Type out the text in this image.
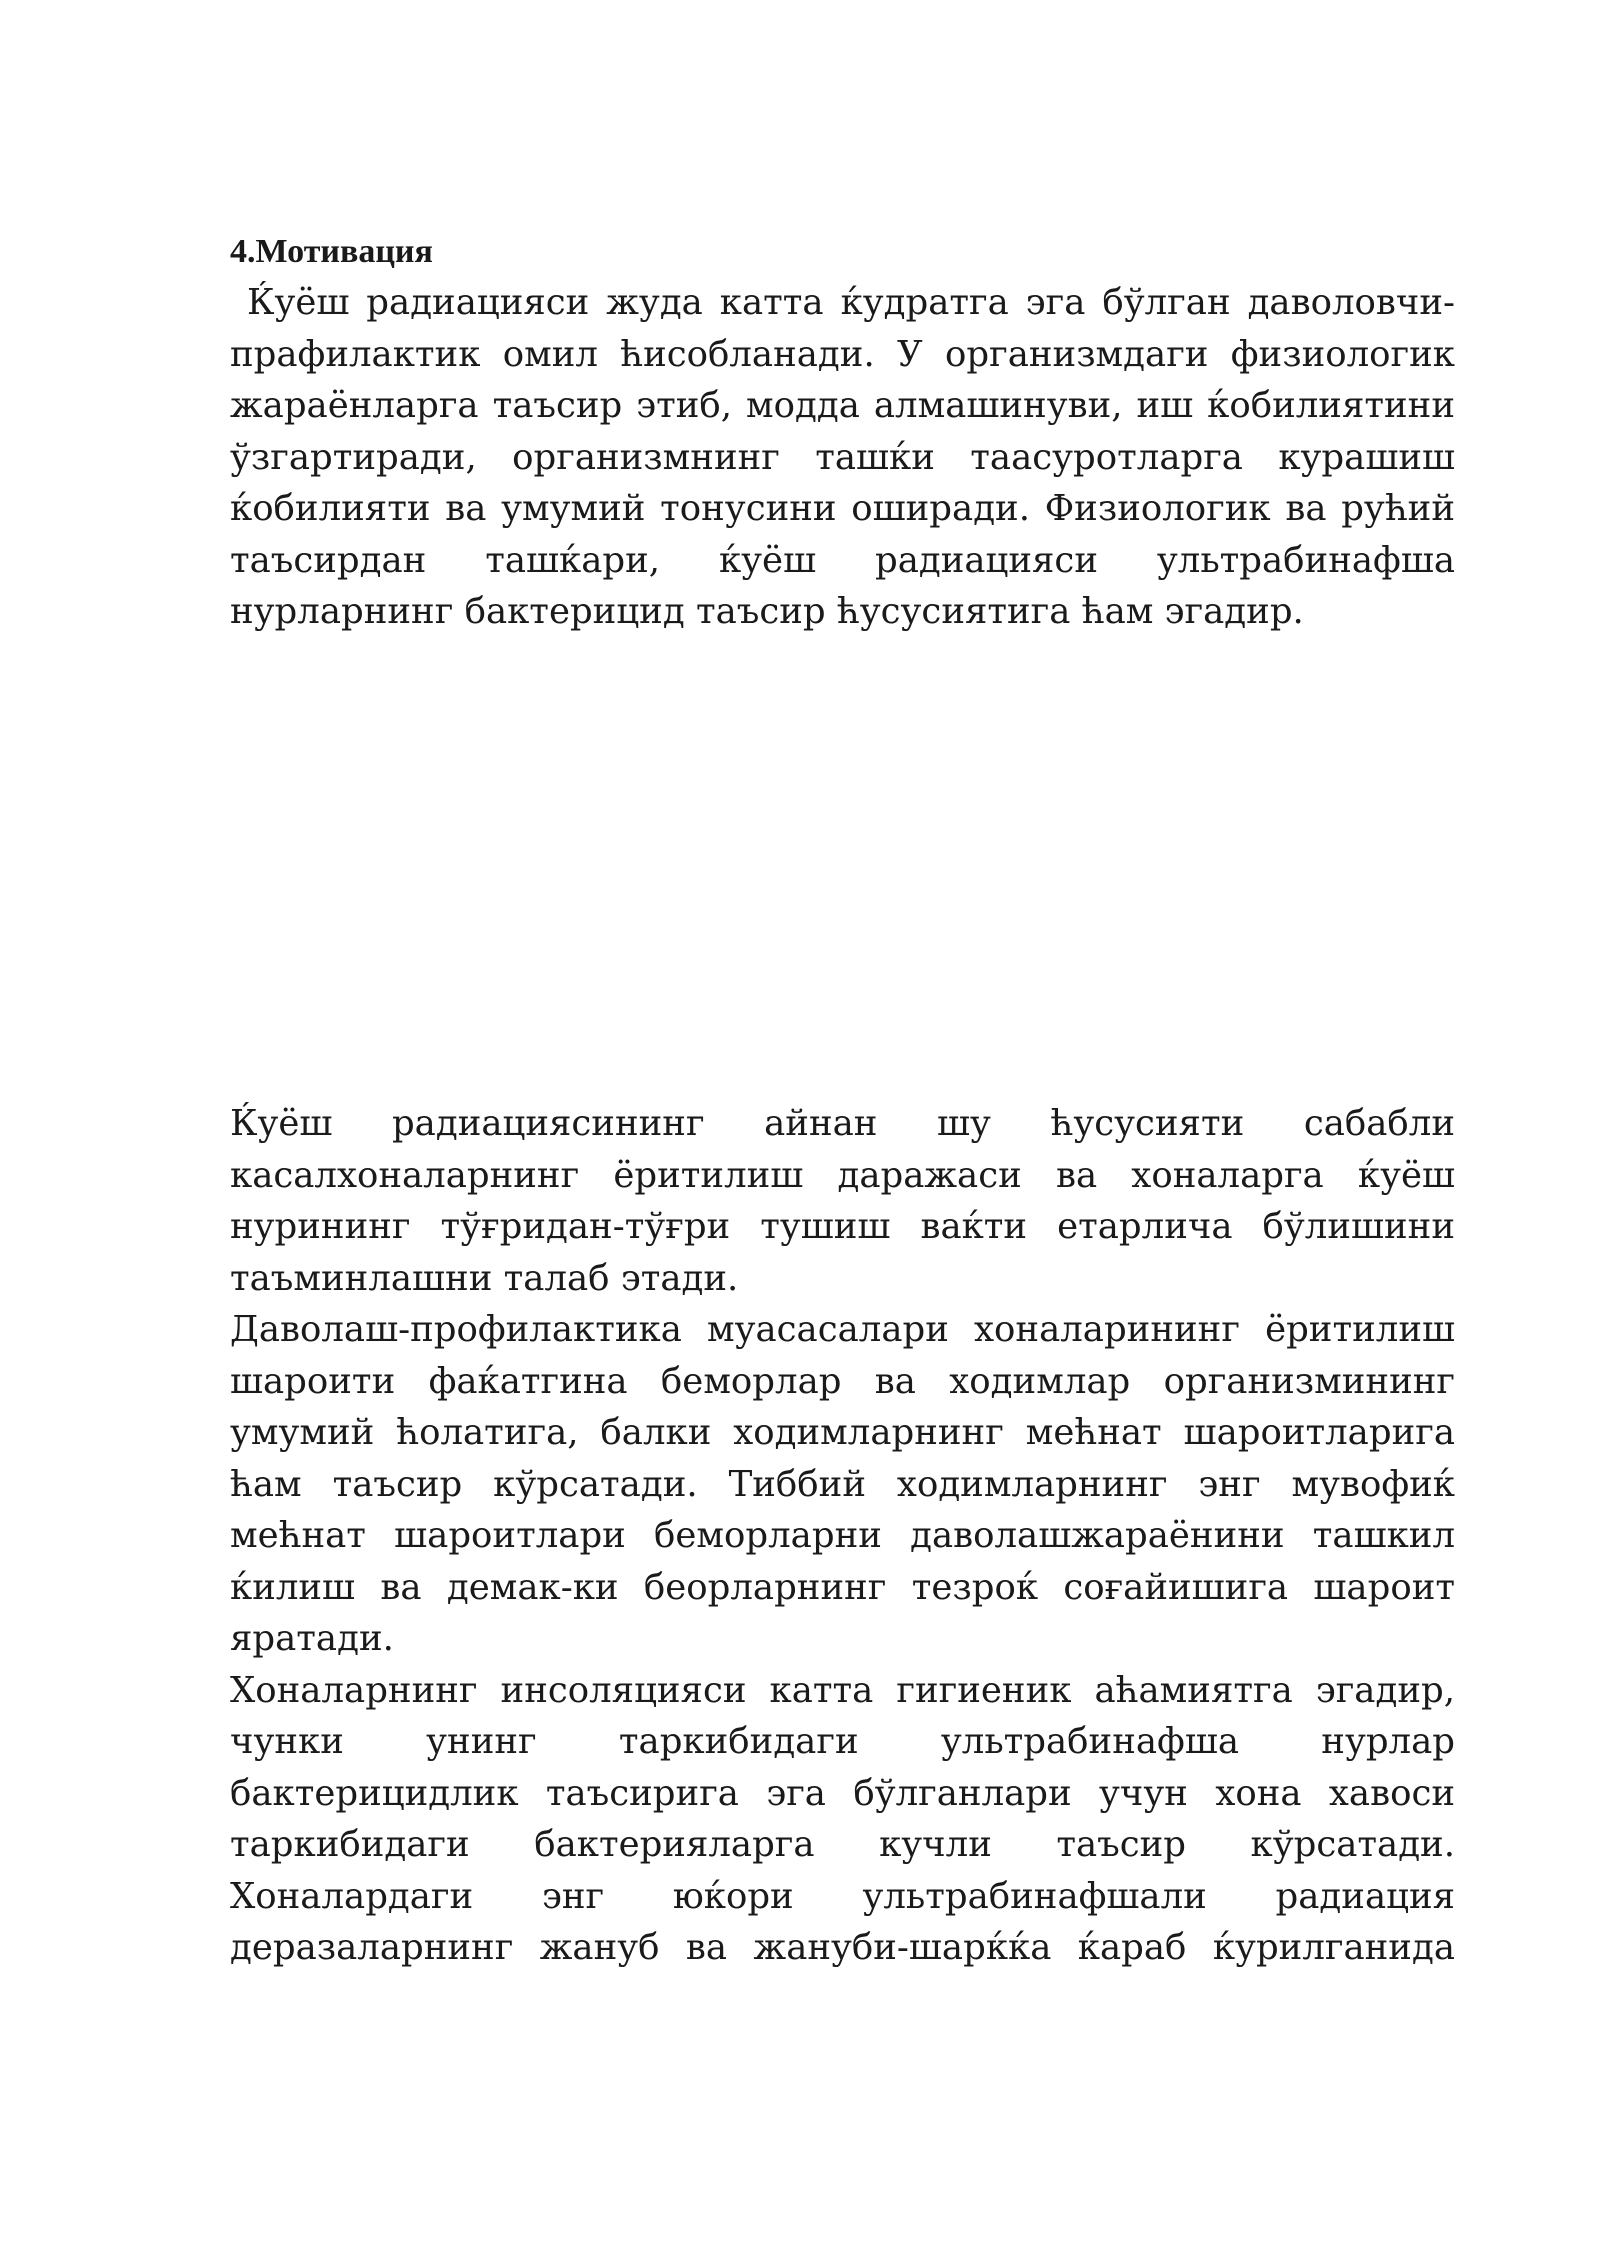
4.Мотивация

Ќуёш радиацияси жуда катта ќудратга эга бўлган даволовчи-прафилактик омил ћисобланади. У организмдаги физиологик жараёнларга таъсир этиб, модда алмашинуви, иш ќобилиятини ўзгартиради, организмнинг ташќи таасуротларга курашиш ќобилияти ва умумий тонусини оширади. Физиологик ва рућий таъсирдан ташќари, ќуёш радиацияси ультрабинафша нурларнинг бактерицид таъсир ћусусиятига ћам эгадир.

Ќуёш радиациясининг айнан шу ћусусияти сабабли касалхоналарнинг ёритилиш даражаси ва хоналарга ќуёш нурининг тўғридан-тўғри тушиш ваќти етарлича бўлишини таъминлашни талаб этади.

Даволаш-профилактика муасасалари хоналарининг ёритилиш шароити фаќатгина беморлар ва ходимлар организмининг умумий ћолатига, балки ходимларнинг мећнат шароитларига ћам таъсир кўрсатади. Тиббий ходимларнинг энг мувофиќ мећнат шароитлари беморларни даволашжараёнини ташкил ќилиш ва демак-ки беорларнинг тезроќ соғайишига шароит яратади.

Хоналарнинг инсоляцияси катта гигиеник аћамиятга эгадир, чунки унинг таркибидаги ультрабинафша нурлар бактерицидлик таъсирига эга бўлганлари учун хона хавоси таркибидаги бактерияларга кучли таъсир кўрсатади. Хоналардаги энг юќори ультрабинафшали радиация деразаларнинг жануб ва жануби-шарќќа ќараб ќурилганида
